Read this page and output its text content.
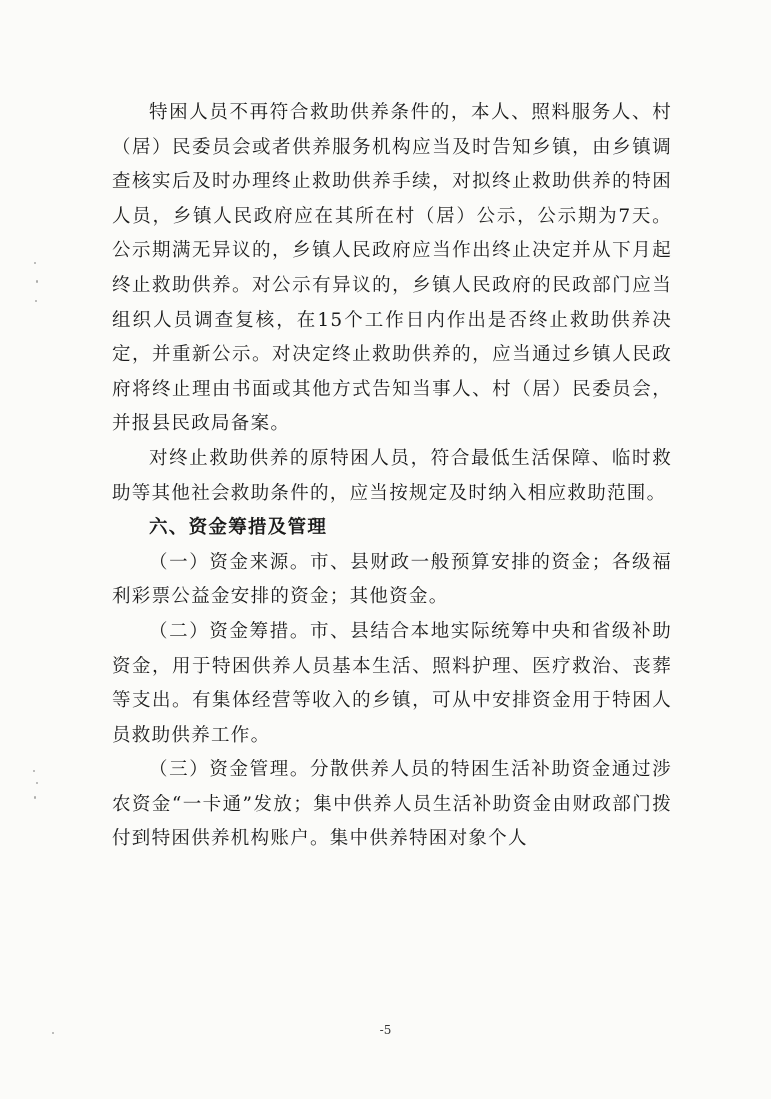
特困人员不再符合救助供养条件的，本人、照料服务人、村（居）民委员会或者供养服务机构应当及时告知乡镇，由乡镇调查核实后及时办理终止救助供养手续，对拟终止救助供养的特困人员，乡镇人民政府应在其所在村（居）公示，公示期为7天。公示期满无异议的，乡镇人民政府应当作出终止决定并从下月起终止救助供养。对公示有异议的，乡镇人民政府的民政部门应当组织人员调查复核，在15个工作日内作出是否终止救助供养决定，并重新公示。对决定终止救助供养的，应当通过乡镇人民政府将终止理由书面或其他方式告知当事人、村（居）民委员会，并报县民政局备案。

对终止救助供养的原特困人员，符合最低生活保障、临时救助等其他社会救助条件的，应当按规定及时纳入相应救助范围。

六、资金筹措及管理

（一）资金来源。市、县财政一般预算安排的资金；各级福利彩票公益金安排的资金；其他资金。

（二）资金筹措。市、县结合本地实际统筹中央和省级补助资金，用于特困供养人员基本生活、照料护理、医疗救治、丧葬等支出。有集体经营等收入的乡镇，可从中安排资金用于特困人员救助供养工作。

（三）资金管理。分散供养人员的特困生活补助资金通过涉农资金“一卡通”发放；集中供养人员生活补助资金由财政部门拨付到特困供养机构账户。集中供养特困对象个人

-5
